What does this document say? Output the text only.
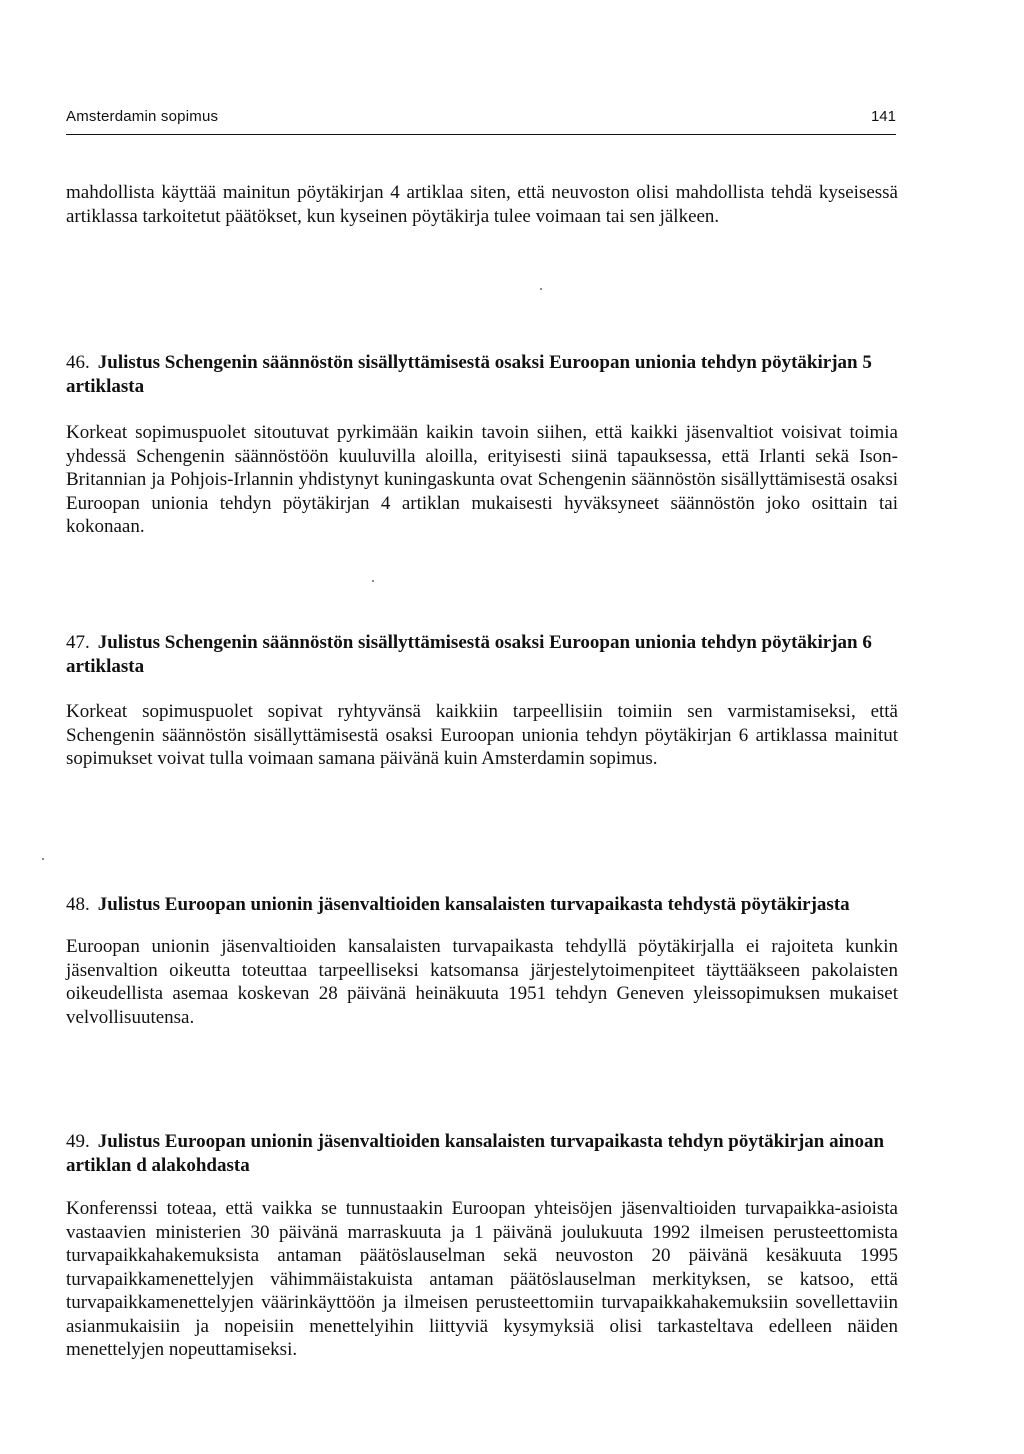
Amsterdamin sopimus	141

mahdollista käyttää mainitun pöytäkirjan 4 artiklaa siten, että neuvoston olisi mahdollista tehdä kyseisessä artiklassa tarkoitetut päätökset, kun kyseinen pöytäkirja tulee voimaan tai sen jälkeen.

46. Julistus Schengenin säännöstön sisällyttämisestä osaksi Euroopan unionia tehdyn pöytäkirjan 5 artiklasta

Korkeat sopimuspuolet sitoutuvat pyrkimään kaikin tavoin siihen, että kaikki jäsenvaltiot voisivat toimia yhdessä Schengenin säännöstöön kuuluvilla aloilla, erityisesti siinä tapauksessa, että Irlanti sekä Ison-Britannian ja Pohjois-Irlannin yhdistynyt kuningaskunta ovat Schengenin säännöstön sisällyttämisestä osaksi Euroopan unionia tehdyn pöytäkirjan 4 artiklan mukaisesti hyväksyneet säännöstön joko osittain tai kokonaan.

47. Julistus Schengenin säännöstön sisällyttämisestä osaksi Euroopan unionia tehdyn pöytäkirjan 6 artiklasta

Korkeat sopimuspuolet sopivat ryhtyvänsä kaikkiin tarpeellisiin toimiin sen varmistamiseksi, että Schengenin säännöstön sisällyttämisestä osaksi Euroopan unionia tehdyn pöytäkirjan 6 artiklassa mainitut sopimukset voivat tulla voimaan samana päivänä kuin Amsterdamin sopimus.

48. Julistus Euroopan unionin jäsenvaltioiden kansalaisten turvapaikasta tehdystä pöytäkirjasta

Euroopan unionin jäsenvaltioiden kansalaisten turvapaikasta tehdyllä pöytäkirjalla ei rajoiteta kunkin jäsenvaltion oikeutta toteuttaa tarpeelliseksi katsomansa järjestelytoimenpiteet täyttääkseen pakolaisten oikeudellista asemaa koskevan 28 päivänä heinäkuuta 1951 tehdyn Geneven yleissopimuksen mukaiset velvollisuutensa.

49. Julistus Euroopan unionin jäsenvaltioiden kansalaisten turvapaikasta tehdyn pöytäkirjan ainoan artiklan d alakohdasta

Konferenssi toteaa, että vaikka se tunnustaakin Euroopan yhteisöjen jäsenvaltioiden turvapaikka-asioista vastaavien ministerien 30 päivänä marraskuuta ja 1 päivänä joulukuuta 1992 ilmeisen perusteettomista turvapaikkahakemuksista antaman päätöslauselman sekä neuvoston 20 päivänä kesäkuuta 1995 turvapaikkamenettelyjen vähimmäistakuista antaman päätöslauselman merkityksen, se katsoo, että turvapaikkamenettelyjen väärinkäyttöön ja ilmeisen perusteettomiin turvapaikkahakemuksiin sovellettaviin asianmukaisiin ja nopeisiin menettelyihin liittyviä kysymyksiä olisi tarkasteltava edelleen näiden menettelyjen nopeuttamiseksi.
